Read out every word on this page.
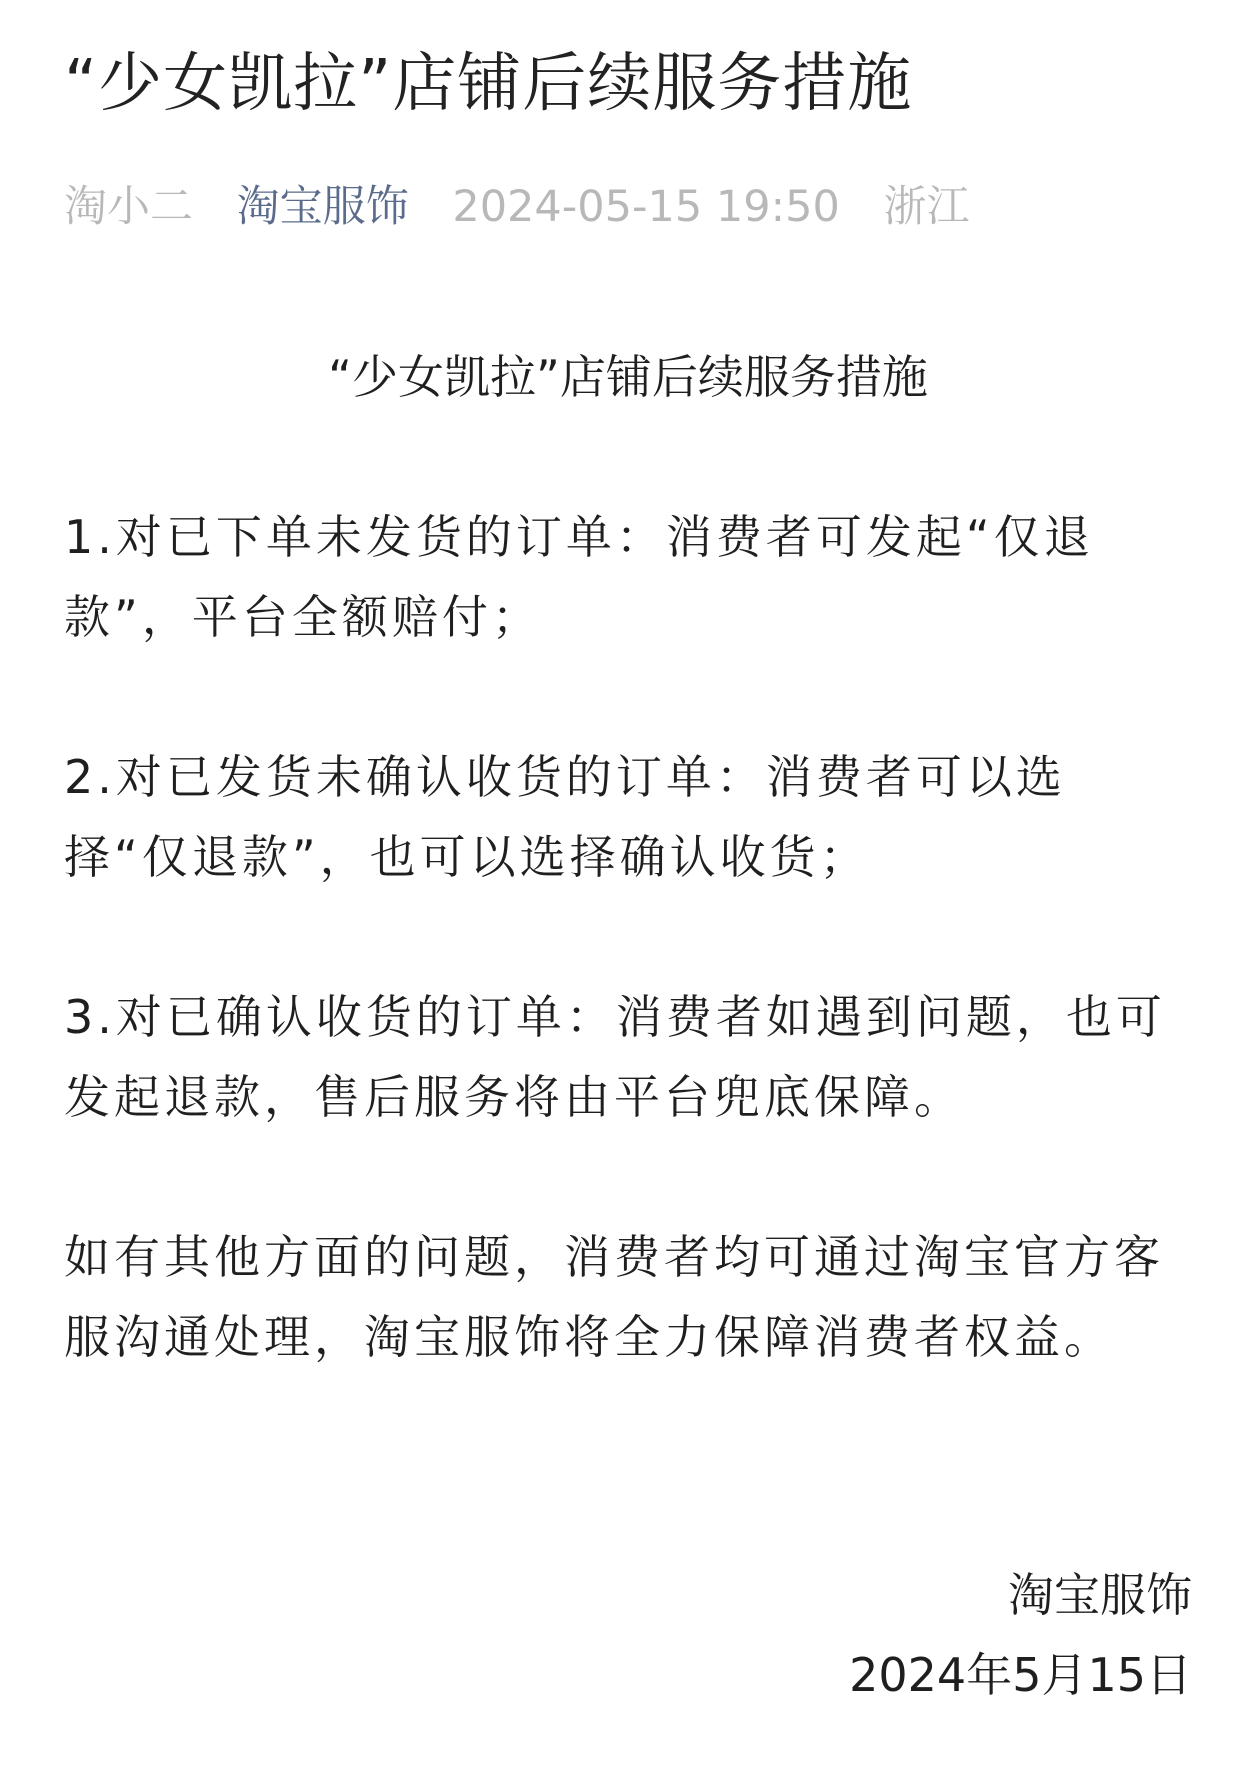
“少女凯拉”店铺后续服务措施
淘小二 淘宝服饰 2024-05-15 19:50 浙江
“少女凯拉”店铺后续服务措施

1.对已下单未发货的订单：消费者可发起“仅退款”，平台全额赔付；

2.对已发货未确认收货的订单：消费者可以选择“仅退款”，也可以选择确认收货；

3.对已确认收货的订单：消费者如遇到问题，也可发起退款，售后服务将由平台兜底保障。

如有其他方面的问题，消费者均可通过淘宝官方客服沟通处理，淘宝服饰将全力保障消费者权益。

淘宝服饰
2024年5月15日
